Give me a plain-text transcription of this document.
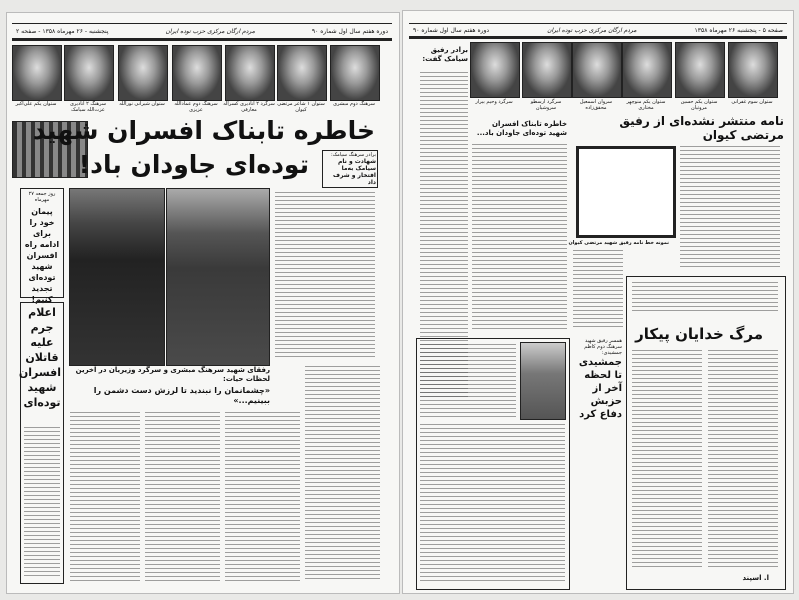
دوره هفتم سال اول شماره ۹۰
مردم ارگان مرکزی حزب توده ایران
پنجشنبه - ۲۶ مهرماه ۱۳۵۸ - صفحه ۲
سرهنگ دوم مبشری
ستوان ۱ شاعر مرتضی کیوان
سرگرد ۲ انادیری کسراله معارفی
سرهنگ دوم عمادالله عزیزی
ستوان شیرانی نورالله
سرهنگ ۲ انادیری عزت‌الله سیامک
ستوان یکم علی‌اکبر
خاطره تابناک افسران شهید
توده‌ای جاودان باد!	برادر سرهنگ سیامک:
شهادت و نام سیامک به‌ما افتخار و شرف داد
روز جمعه ۲۷ مهرماه
پیمان خود را برای ادامه راه افسران شهید توده‌ای تجدید کنیم!
اعلام جرم علیه قاتلان افسران شهید توده‌ای
رفقای شهید سرهنگ مبشری و سرگرد وزیریان در آخرین لحظات حیات:
«چشمانمان را نبندید تا لرزش دست دشمن را ببینیم...»
صفحه ۵ - پنجشنبه ۲۶ مهرماه ۱۳۵۸
مردم ارگان مرکزی حزب توده ایران
دوره هفتم سال اول شماره ۹۰
برادر رفیق سیامک گفت:
ستوان سوم غفرانی
ستوان یکم حسین مروتیان
ستوان یکم منوچهر مختاری
سروان اسمعیل محقق‌زاده
سرگرد ارسطو سروشیان
سرگرد وحیم بیرار
خاطره تابناک افسران شهید توده‌ای جاودان باد...
نامه منتشر نشده‌ای از رفیق مرتضی کیوان
نمونه خط نامه رفیق شهید مرتضی کیوان
همسر رفیق شهید سرهنگ دوم کاظم جمشیدی:
جمشیدی تا لحظه آخر از حزبش دفاع کرد
مرگ خدایان پیکار
ا. اسپند
